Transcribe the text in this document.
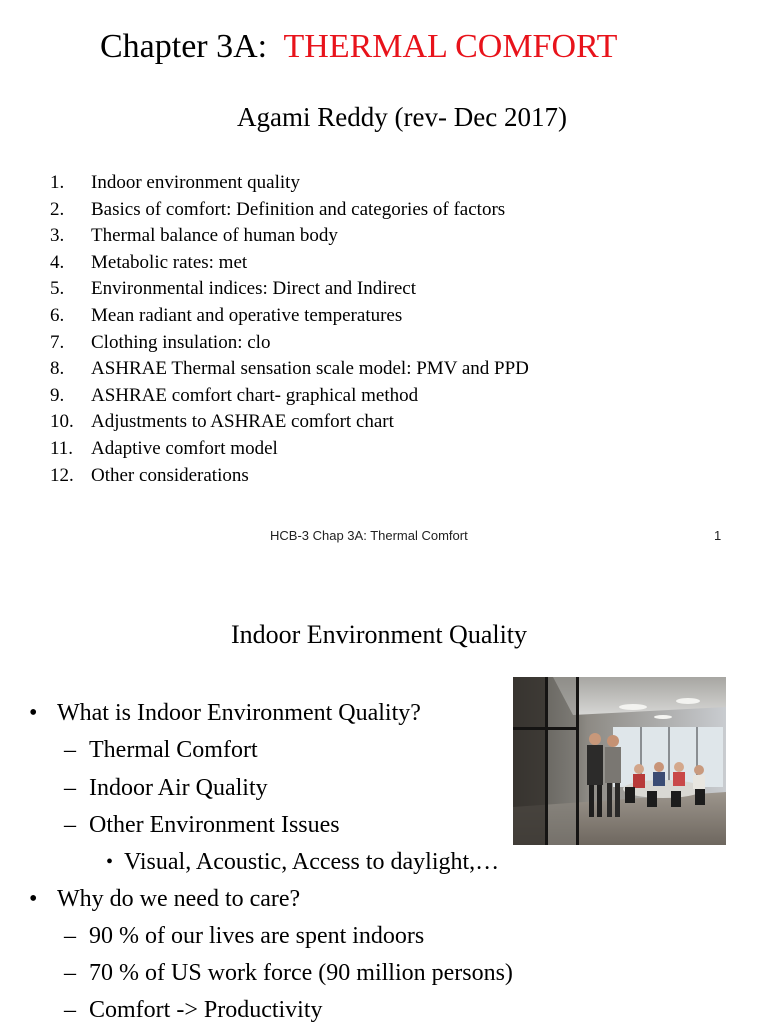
Chapter 3A: THERMAL COMFORT
Agami Reddy (rev- Dec 2017)
1.	Indoor environment quality
2.	Basics of comfort: Definition and categories of factors
3.	Thermal balance of human body
4.	Metabolic rates: met
5.	Environmental indices: Direct and Indirect
6.	Mean radiant and operative temperatures
7.	Clothing insulation: clo
8.	ASHRAE Thermal sensation scale model: PMV and PPD
9.	ASHRAE comfort chart- graphical method
10. Adjustments to ASHRAE comfort chart
11. Adaptive comfort model
12. Other considerations
HCB-3 Chap 3A: Thermal Comfort	1
Indoor Environment Quality
• What is Indoor Environment Quality?
– Thermal Comfort
– Indoor Air Quality
– Other Environment Issues
• Visual, Acoustic, Access to daylight,…
• Why do we need to care?
– 90 % of our lives are spent indoors
– 70 % of US work force (90 million persons)
– Comfort -> Productivity
